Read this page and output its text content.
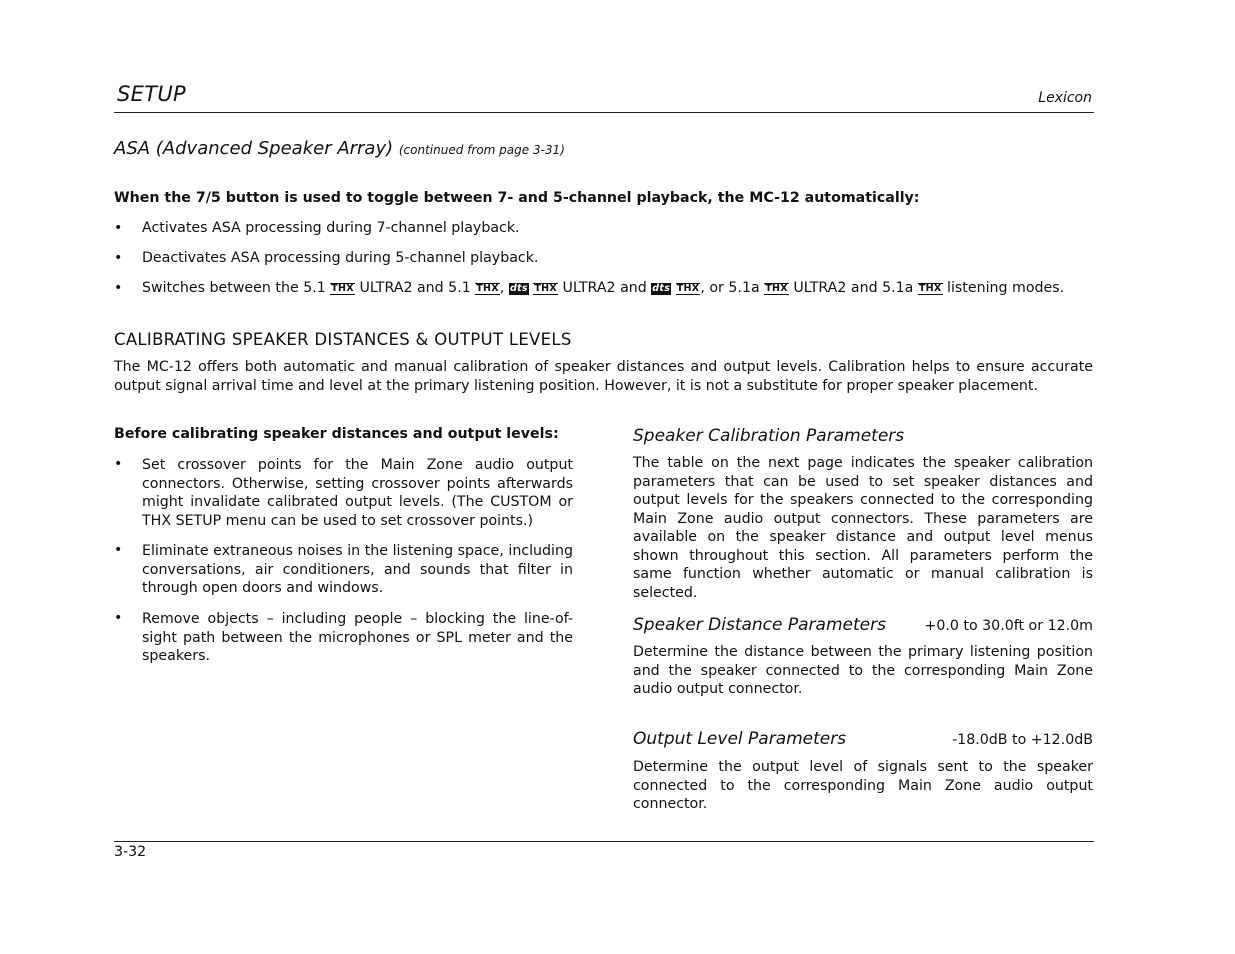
SETUP	Lexicon
ASA (Advanced Speaker Array) (continued from page 3-31)
When the 7/5 button is used to toggle between 7- and 5-channel playback, the MC-12 automatically:
• Activates ASA processing during 7-channel playback.
• Deactivates ASA processing during 5-channel playback.
• Switches between the 5.1 THX ULTRA2 and 5.1 THX, dts THX ULTRA2 and dts THX, or 5.1a THX ULTRA2 and 5.1a THX listening modes.
CALIBRATING SPEAKER DISTANCES & OUTPUT LEVELS
The MC-12 offers both automatic and manual calibration of speaker distances and output levels. Calibration helps to ensure accurate output signal arrival time and level at the primary listening position. However, it is not a substitute for proper speaker placement.
Before calibrating speaker distances and output levels:
• Set crossover points for the Main Zone audio output connectors. Otherwise, setting crossover points afterwards might invalidate calibrated output levels. (The CUSTOM or THX SETUP menu can be used to set crossover points.)
• Eliminate extraneous noises in the listening space, including conversations, air conditioners, and sounds that filter in through open doors and windows.
• Remove objects – including people – blocking the line-of-sight path between the microphones or SPL meter and the speakers.
Speaker Calibration Parameters
The table on the next page indicates the speaker calibration parameters that can be used to set speaker distances and output levels for the speakers connected to the corresponding Main Zone audio output connectors. These parameters are available on the speaker distance and output level menus shown throughout this section. All parameters perform the same function whether automatic or manual calibration is selected.
Speaker Distance Parameters	+0.0 to 30.0ft or 12.0m
Determine the distance between the primary listening position and the speaker connected to the corresponding Main Zone audio output connector.
Output Level Parameters	-18.0dB to +12.0dB
Determine the output level of signals sent to the speaker connected to the corresponding Main Zone audio output connector.
3-32
